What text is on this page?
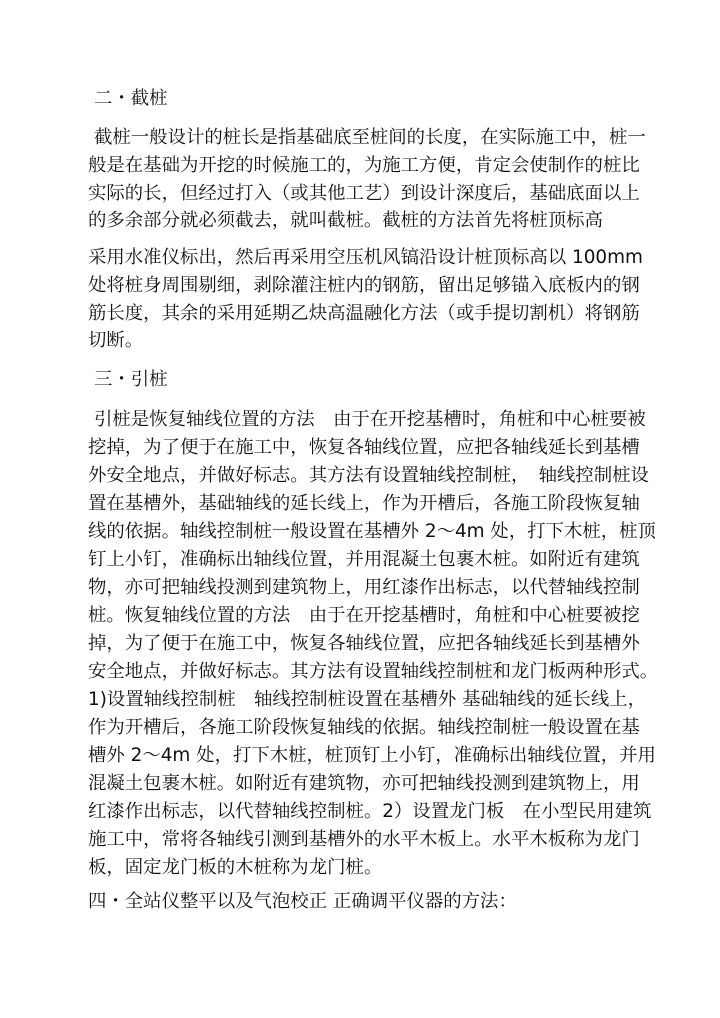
二・截桩
截桩一般设计的桩长是指基础底至桩间的长度，在实际施工中，桩一
般是在基础为开挖的时候施工的，为施工方便，肯定会使制作的桩比
实际的长，但经过打入（或其他工艺）到设计深度后，基础底面以上
的多余部分就必须截去，就叫截桩。截桩的方法首先将桩顶标高
采用水准仪标出，然后再采用空压机风镐沿设计桩顶标高以 100mm
处将桩身周围剔细，剥除灌注桩内的钢筋，留出足够锚入底板内的钢
筋长度，其余的采用延期乙炔高温融化方法（或手提切割机）将钢筋
切断。
三・引桩
引桩是恢复轴线位置的方法　由于在开挖基槽时，角桩和中心桩要被
挖掉，为了便于在施工中，恢复各轴线位置，应把各轴线延长到基槽
外安全地点，并做好标志。其方法有设置轴线控制桩，　轴线控制桩设
置在基槽外，基础轴线的延长线上，作为开槽后，各施工阶段恢复轴
线的依据。轴线控制桩一般设置在基槽外 2～4m 处，打下木桩，桩顶
钉上小钉，准确标出轴线位置，并用混凝土包裹木桩。如附近有建筑
物，亦可把轴线投测到建筑物上，用红漆作出标志，以代替轴线控制
桩。恢复轴线位置的方法　由于在开挖基槽时，角桩和中心桩要被挖
掉，为了便于在施工中，恢复各轴线位置，应把各轴线延长到基槽外
安全地点，并做好标志。其方法有设置轴线控制桩和龙门板两种形式。
1)设置轴线控制桩　轴线控制桩设置在基槽外 基础轴线的延长线上，
作为开槽后，各施工阶段恢复轴线的依据。轴线控制桩一般设置在基
槽外 2～4m 处，打下木桩，桩顶钉上小钉，准确标出轴线位置，并用
混凝土包裹木桩。如附近有建筑物，亦可把轴线投测到建筑物上，用
红漆作出标志，以代替轴线控制桩。2）设置龙门板　在小型民用建筑
施工中，常将各轴线引测到基槽外的水平木板上。水平木板称为龙门
板，固定龙门板的木桩称为龙门桩。
四・全站仪整平以及气泡校正 正确调平仪器的方法：
